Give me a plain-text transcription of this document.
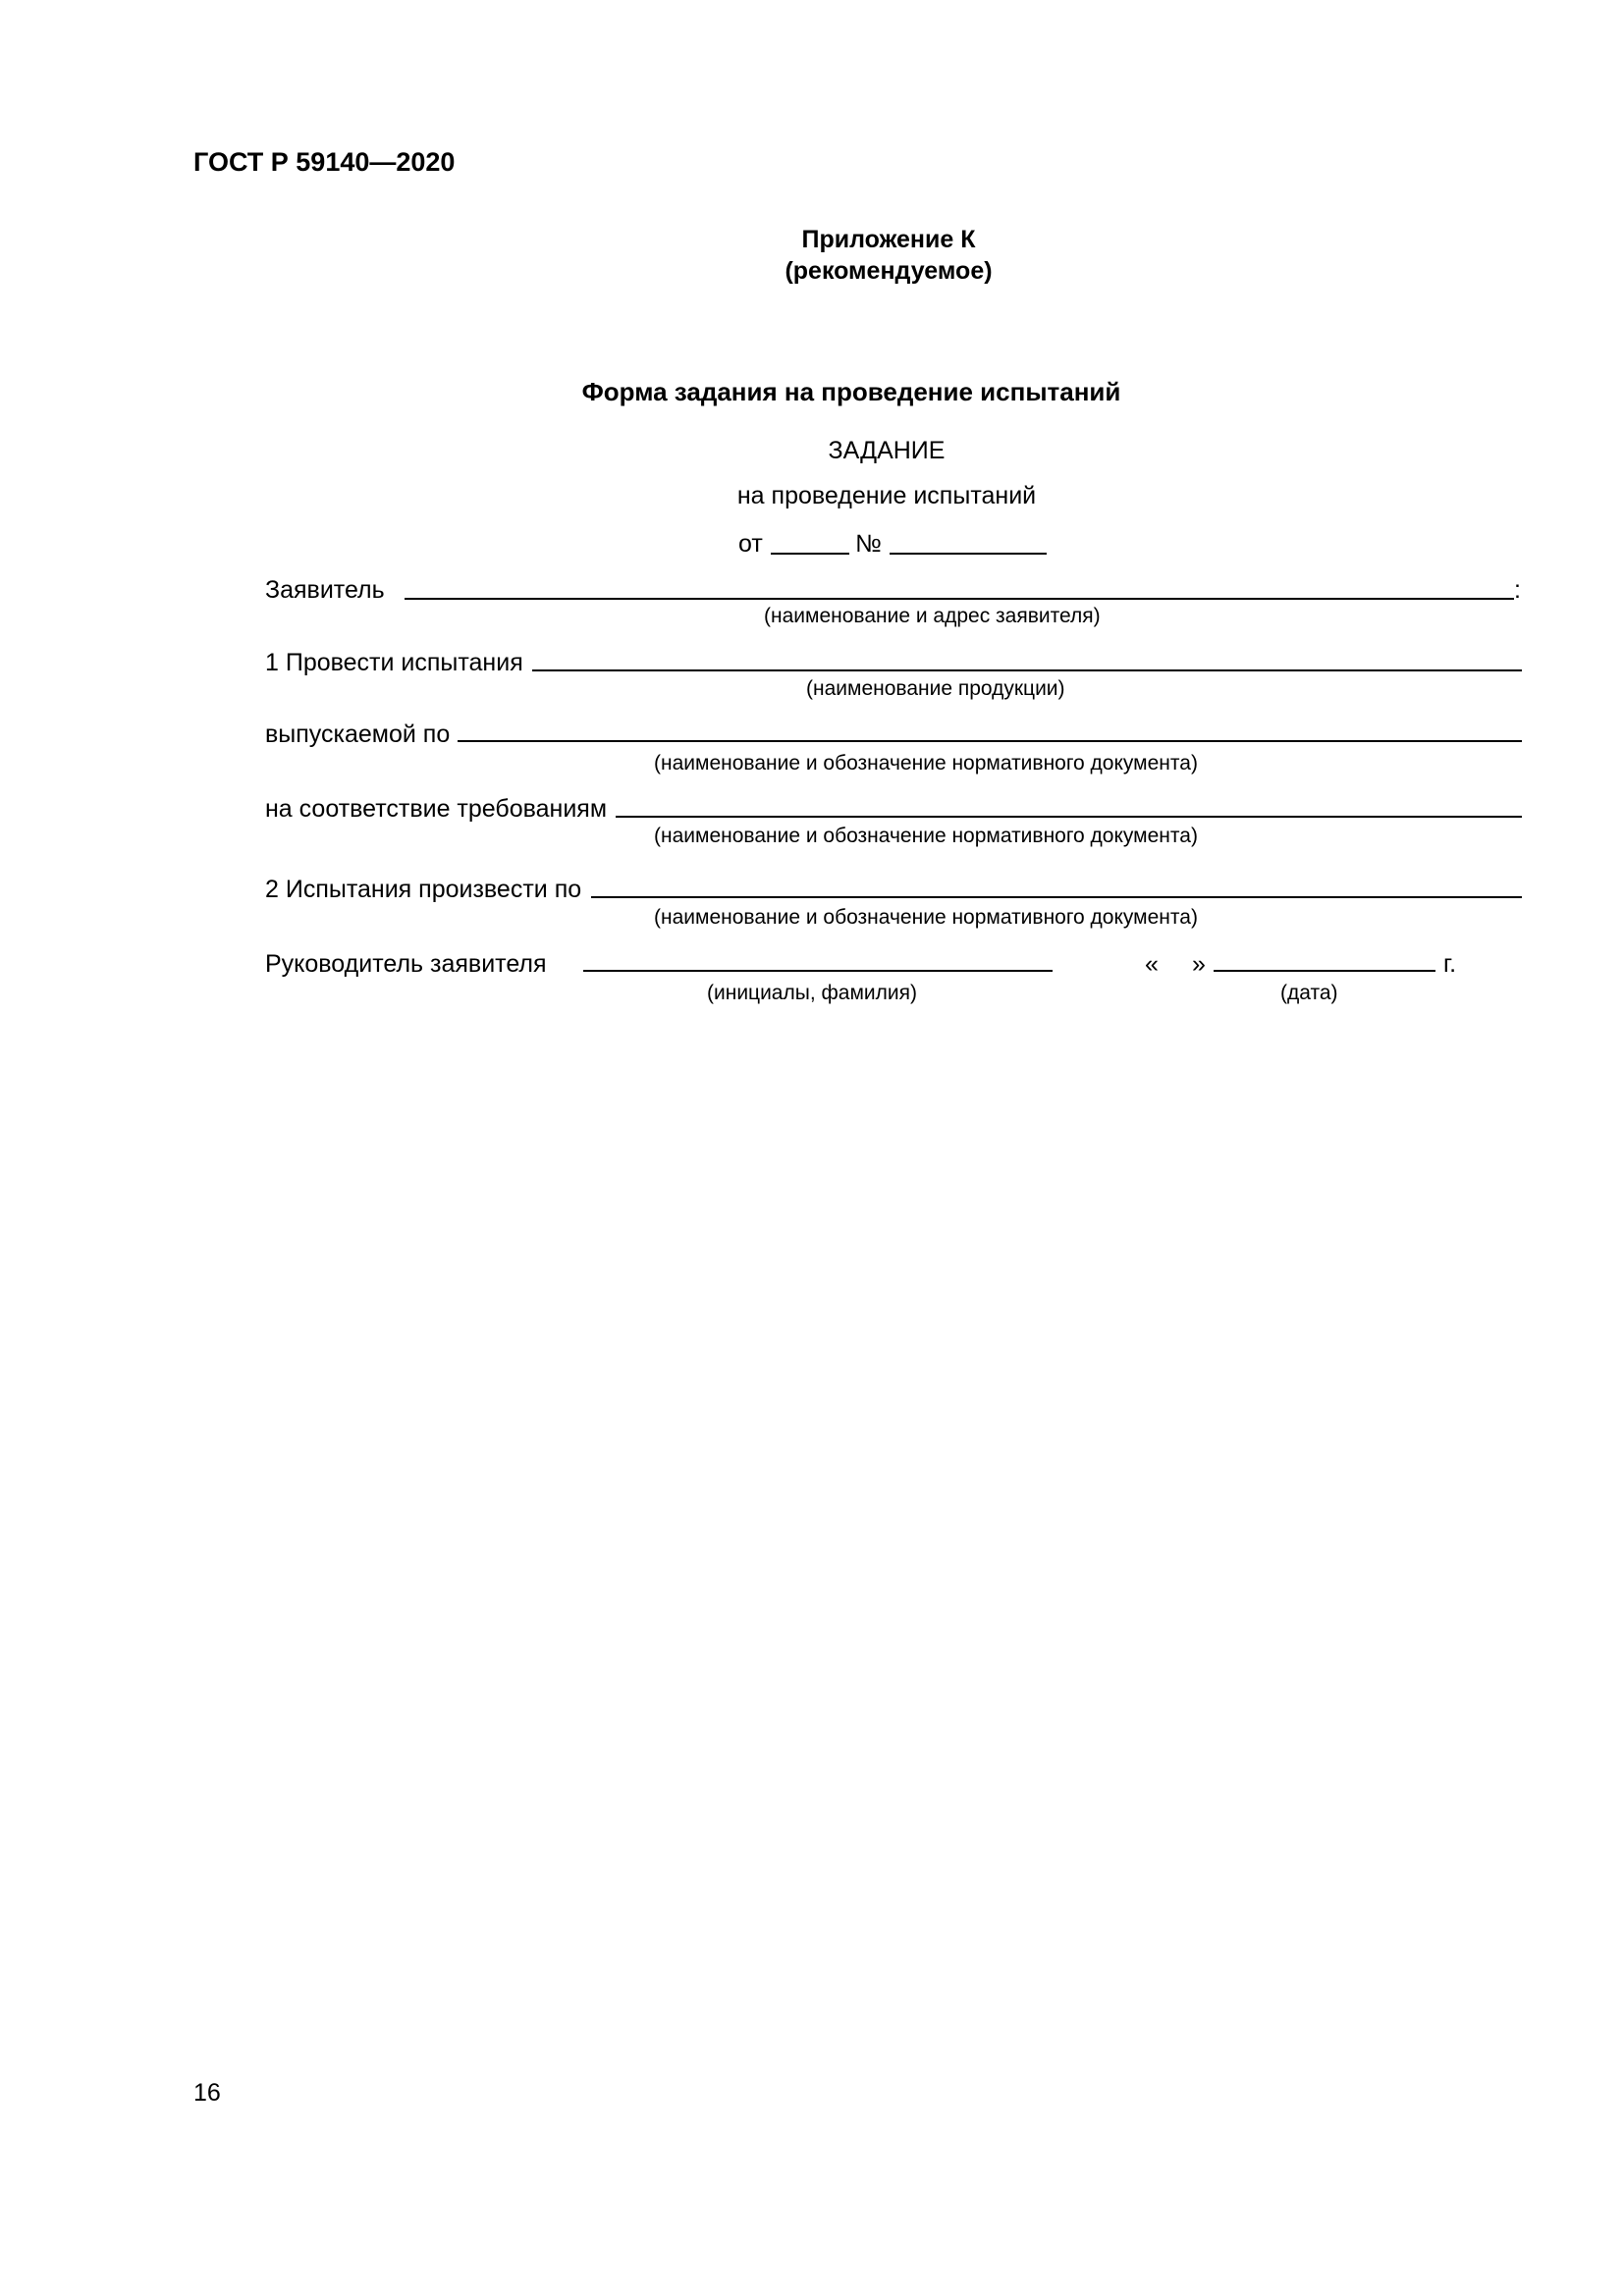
ГОСТ Р 59140—2020
Приложение К
(рекомендуемое)
Форма задания на проведение испытаний
ЗАДАНИЕ
на проведение испытаний
от	№
Заявитель	:
(наименование и адрес заявителя)
1 Провести испытания
(наименование продукции)
выпускаемой по
(наименование и обозначение нормативного документа)
на соответствие требованиям
(наименование и обозначение нормативного документа)
2 Испытания произвести по
(наименование и обозначение нормативного документа)
Руководитель заявителя
(инициалы, фамилия)
« »	г.
(дата)
16
